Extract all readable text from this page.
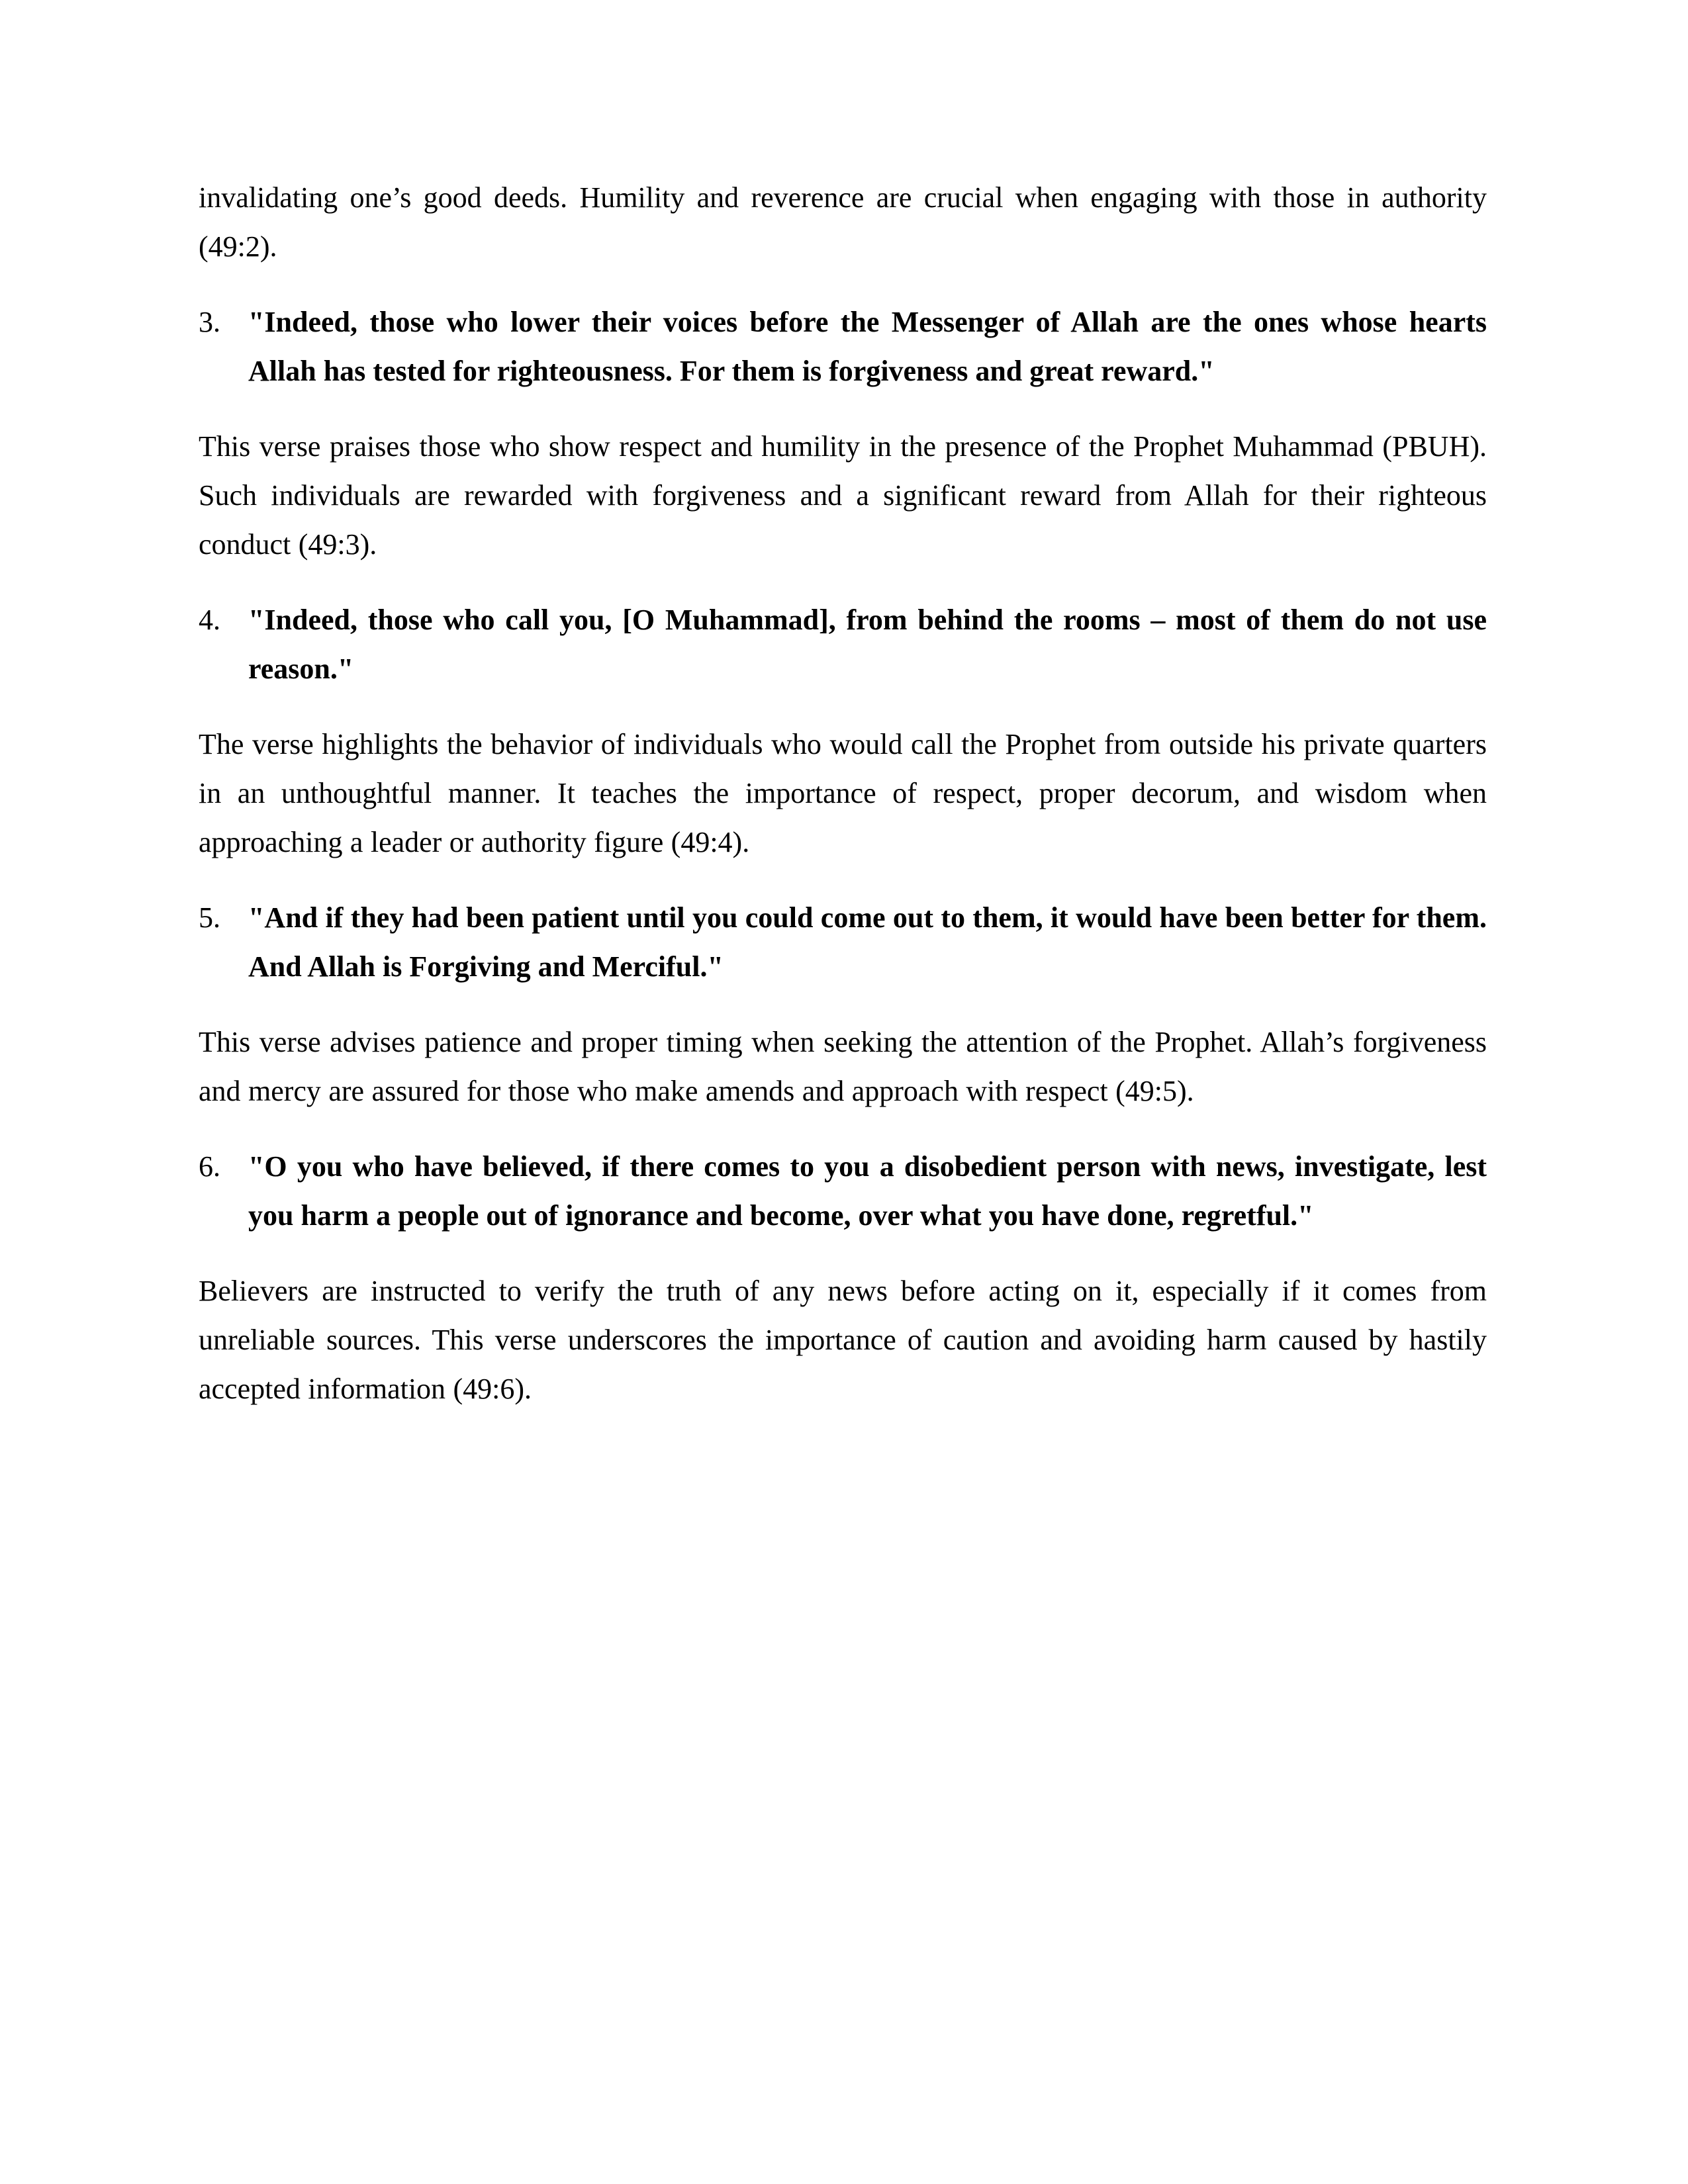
invalidating one’s good deeds. Humility and reverence are crucial when engaging with those in authority (49:2).

3. "Indeed, those who lower their voices before the Messenger of Allah are the ones whose hearts Allah has tested for righteousness. For them is forgiveness and great reward."

This verse praises those who show respect and humility in the presence of the Prophet Muhammad (PBUH). Such individuals are rewarded with forgiveness and a significant reward from Allah for their righteous conduct (49:3).

4. "Indeed, those who call you, [O Muhammad], from behind the rooms – most of them do not use reason."

The verse highlights the behavior of individuals who would call the Prophet from outside his private quarters in an unthoughtful manner. It teaches the importance of respect, proper decorum, and wisdom when approaching a leader or authority figure (49:4).

5. "And if they had been patient until you could come out to them, it would have been better for them. And Allah is Forgiving and Merciful."

This verse advises patience and proper timing when seeking the attention of the Prophet. Allah’s forgiveness and mercy are assured for those who make amends and approach with respect (49:5).

6. "O you who have believed, if there comes to you a disobedient person with news, investigate, lest you harm a people out of ignorance and become, over what you have done, regretful."

Believers are instructed to verify the truth of any news before acting on it, especially if it comes from unreliable sources. This verse underscores the importance of caution and avoiding harm caused by hastily accepted information (49:6).
